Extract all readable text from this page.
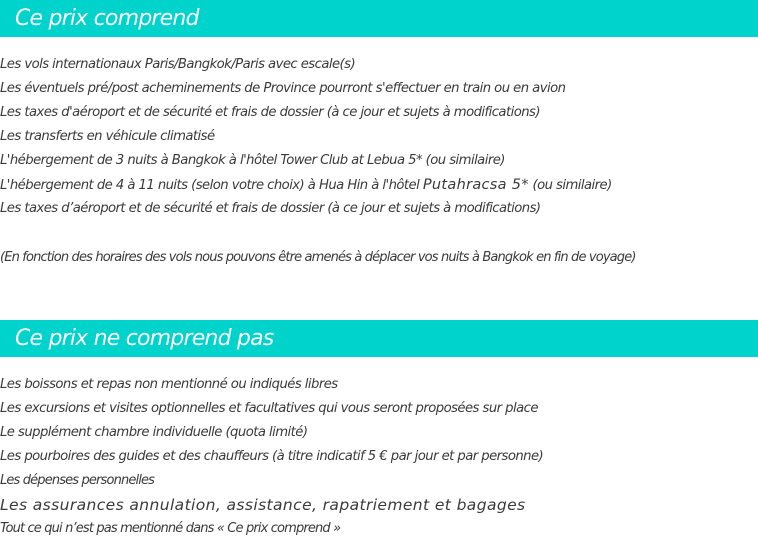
Ce prix comprend
Les vols internationaux Paris/Bangkok/Paris avec escale(s)
Les éventuels pré/post acheminements de Province pourront s'effectuer en train ou en avion
Les taxes d'aéroport et de sécurité et frais de dossier (à ce jour et sujets à modifications)
Les transferts en véhicule climatisé
L'hébergement de 3 nuits à Bangkok à l'hôtel Tower Club at Lebua 5* (ou similaire)
L'hébergement de 4 à 11 nuits (selon votre choix) à Hua Hin à l'hôtel Putahracsa 5* (ou similaire)
Les taxes d’aéroport et de sécurité et frais de dossier (à ce jour et sujets à modifications)
(En fonction des horaires des vols nous pouvons être amenés à déplacer vos nuits à Bangkok en fin de voyage)
Ce prix ne comprend pas
Les boissons et repas non mentionné ou indiqués libres
Les excursions et visites optionnelles et facultatives qui vous seront proposées sur place
Le supplément chambre individuelle (quota limité)
Les pourboires des guides et des chauffeurs (à titre indicatif 5 € par jour et par personne)
Les dépenses personnelles
Les assurances annulation, assistance, rapatriement et bagages
Tout ce qui n’est pas mentionné dans « Ce prix comprend »
